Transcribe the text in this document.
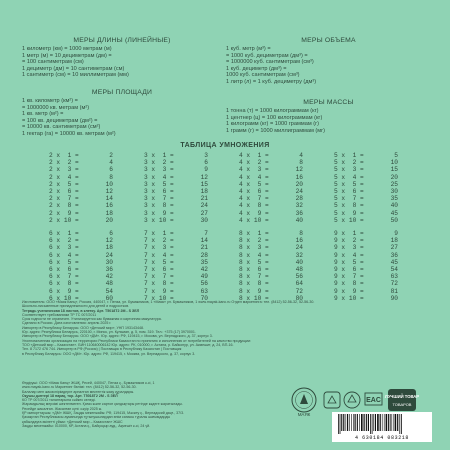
МЕРЫ ДЛИНЫ (ЛИНЕЙНЫЕ)
1 километр (км) = 1000 метрам (м)
1 метр (м) = 10 дециметрам (дм) =
= 100 сантиметрам (см)
1 дециметр (дм) = 10 сантиметрам (см)
1 сантиметр (см) = 10 миллиметрам (мм)
МЕРЫ ОБЪЕМА
1 куб. метр (м³) =
= 1000 куб. дециметрам (дм³) =
= 1000000 куб. сантиметрам (см³)
1 куб. дециметр (дм³) =
1000 куб. сантиметрам (см³)
1 литр (л) = 1 куб. дециметру (дм³)
МЕРЫ ПЛОЩАДИ
1 кв. километр (км²) =
= 1000000 кв. метрам (м²)
1 кв. метр (м²) =
= 100 кв. дециметрам (дм²) =
= 10000 кв. сантиметрам (см²)
1 гектар (га) = 10000 кв. метрам (м²)
МЕРЫ МАССЫ
1 тонна (т) = 1000 килограммам (кг)
1 центнер (ц) = 100 килограммам (кг)
1 килограмм (кг) = 1000 граммам (г)
1 грамм (г) = 1000 миллиграммам (мг)
ТАБЛИЦА УМНОЖЕНИЯ
2 x  1 =	2
2 x  2 =	4
2 x  3 =	6
2 x  4 =	8
2 x  5 =	10
2 x  6 =	12
2 x  7 =	14
2 x  8 =	16
2 x  9 =	18
2 x 10 =	20
3 x  1 =	3
3 x  2 =	6
3 x  3 =	9
3 x  4 =	12
3 x  5 =	15
3 x  6 =	18
3 x  7 =	21
3 x  8 =	24
3 x  9 =	27
3 x 10 =	30
4 x  1 =	4
4 x  2 =	8
4 x  3 =	12
4 x  4 =	16
4 x  5 =	20
4 x  6 =	24
4 x  7 =	28
4 x  8 =	32
4 x  9 =	36
4 x 10 =	40
5 x  1 =	5
5 x  2 =	10
5 x  3 =	15
5 x  4 =	20
5 x  5 =	25
5 x  6 =	30
5 x  7 =	35
5 x  8 =	40
5 x  9 =	45
5 x 10 =	50
6 x  1 =	6
6 x  2 =	12
6 x  3 =	18
6 x  4 =	24
6 x  5 =	30
6 x  6 =	36
6 x  7 =	42
6 x  8 =	48
6 x  9 =	54
6 x 10 =	60
7 x  1 =	7
7 x  2 =	14
7 x  3 =	21
7 x  4 =	28
7 x  5 =	35
7 x  6 =	42
7 x  7 =	49
7 x  8 =	56
7 x  9 =	63
7 x 10 =	70
8 x  1 =	8
8 x  2 =	16
8 x  3 =	24
8 x  4 =	32
8 x  5 =	40
8 x  6 =	48
8 x  7 =	56
8 x  8 =	64
8 x  9 =	72
8 x 10 =	80
9 x  1 =	9
9 x  2 =	18
9 x  3 =	27
9 x  4 =	36
9 x  5 =	45
9 x  6 =	54
9 x  7 =	63
9 x  8 =	72
9 x  9 =	81
9 x 10 =	90
Изготовитель: ООО «Маяк Канц», Россия, 440047, г. Пенза, ул. Бумажников, 1 «Маяк» ул. Бумажников, 1 www.mayak-kanc.ru Отдел маркетинга: тел. (8412) 52-56-32, 52-56-30.
Школьно-письменные принадлежности для детей и подростков.
Тетрадь ученическая 18 листов, в клетку. Арт. Т5018Т2 2М - S ЗЕЛ
Соответствует требованиям ТР ТС 007/2011
Срок годности не ограничен. Утилизируется как бумажная и картонная макулатура.
Сделано в России. Дата изготовления: апрель 2025 г.
Импортер в Республику Беларусь: ООО «Детский мир», УНП 193143448.
Юр. адрес: Республика Беларусь, 220100, г. Минск, ул. Кульман, д. 5, пом. 319. Тел.: +375 (17) 3970001.
Импортер в Республику Беларусь: ООО «ДМ». Юр. адрес: РФ, 119415, г. Москва, ул. Вернадского, д. 37, корпус 3.
Уполномоченная организация на территории Республики Казахстан по принятию и исполнению от потребителей на качество продукции:
ТОО «Детский мир – Казахстан». БИН 110640006142 Юр. адрес: РК, 010000, г. Астана, р. Байконур, ул. Акмешит, д. 24, ВП-16.
Тел. 8 7172 476 744. Импортер в РФ (Россия) | Поставщик в Республику Казахстан | Поставщик
в Республику Беларусь: ООО «ДМ». Юр. адрес: РФ, 119415, г. Москва, ул. Вернадского, д. 37, корпус 3.
Өндіруші: ООО «Маяк Канц» ЖШҚ, Ресей, 440047, Пенза қ., Бумажников к-сі, 1
www.mayak-kanc.ru Маркетинг бөлімі: тел. (8412) 52-56-32, 52-56-30.
Балалар мен жасөспірімдерге арналған мектептік жазу құралдары.
Оқушы дәптері 18 парақ, тор. Арт. Т5018Т2 2М - S ЗЕЛ
КО ТР 007/2011 талаптарына сәйкес келеді.
Жарамдылық мерзімі шектелмеген. Қағаз және картон қалдықтары ретінде кәдеге жаратылады.
Ресейде жасалған. Жасалған күні: сәуір 2025 ж.
ҚР импорттаушы: «ДМ» ЖШҚ. Заңды мекенжайы: РФ, 119415, Мәскеу қ., Вернадский даңғ., 37/3.
Қазақстан Республикасы аумағында тұтынушылардан өнім сапасы туралы шағымдарды
қабылдауға өкілетті ұйым: «Детский мир – Казахстан» ЖШС
Заңды мекенжайы: 010000, КР, Астана қ., Байқоңыр ауд., Ақмешіт к-сі, 24 үй.
МАЯК
EAC
ЛУЧШИЙ ТОВАР
ТОВАРОВ
4 630184 083218
